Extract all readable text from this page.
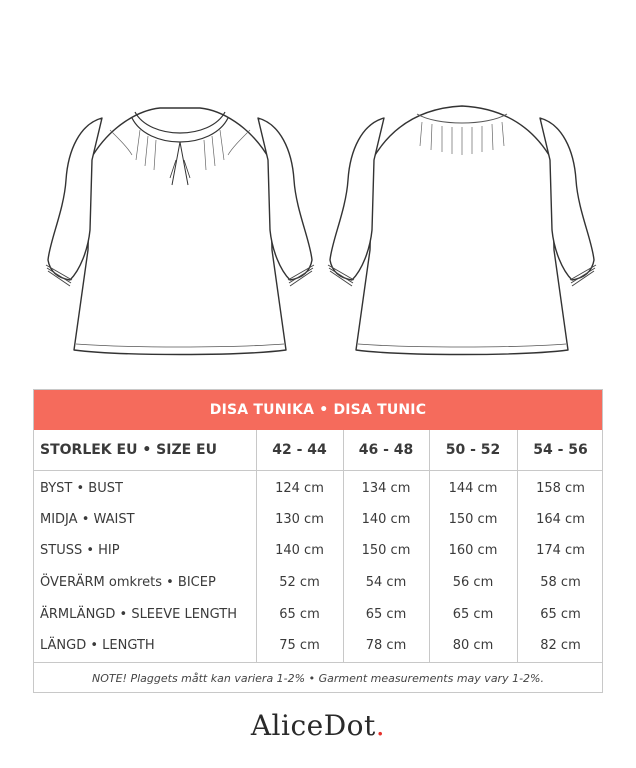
DISA TUNIKA • DISA TUNIC
STORLEK EU • SIZE EU	42 - 44	46 - 48	50 - 52	54 - 56
BYST • BUST	124 cm	134 cm	144 cm	158 cm
MIDJA • WAIST	130 cm	140 cm	150 cm	164 cm
STUSS • HIP	140 cm	150 cm	160 cm	174 cm
ÖVERÄRM omkrets • BICEP	52 cm	54 cm	56 cm	58 cm
ÄRMLÄNGD • SLEEVE LENGTH	65 cm	65 cm	65 cm	65 cm
LÄNGD • LENGTH	75 cm	78 cm	80 cm	82 cm
NOTE! Plaggets mått kan variera 1-2% • Garment measurements may vary 1-2%.
Alice Dot .
